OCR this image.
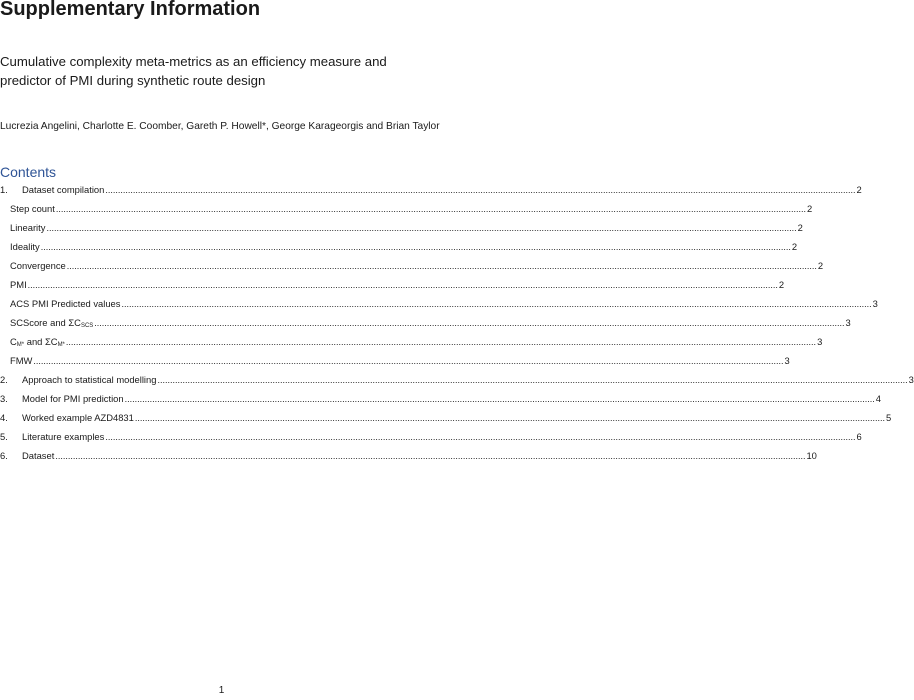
Supplementary Information
Cumulative complexity meta-metrics as an efficiency measure and predictor of PMI during synthetic route design
Lucrezia Angelini, Charlotte E. Coomber, Gareth P. Howell*, George Karageorgis and Brian Taylor
Contents
1.	Dataset compilation ............................................................................................................................................................................................................................................................................................................ 2
Step count ............................................................................................................................................................................................................................................................................................................ 2
Linearity ............................................................................................................................................................................................................................................................................................................ 2
Ideality ............................................................................................................................................................................................................................................................................................................ 2
Convergence ............................................................................................................................................................................................................................................................................................................ 2
PMI ............................................................................................................................................................................................................................................................................................................ 2
ACS PMI Predicted values ............................................................................................................................................................................................................................................................................................................ 3
SCScore and ΣCSCS ............................................................................................................................................................................................................................................................................................................ 3
CM* and ΣCM* ............................................................................................................................................................................................................................................................................................................ 3
FMW ............................................................................................................................................................................................................................................................................................................ 3
2.	Approach to statistical modelling ............................................................................................................................................................................................................................................................................................................ 3
3.	Model for PMI prediction ............................................................................................................................................................................................................................................................................................................ 4
4.	Worked example AZD4831 ............................................................................................................................................................................................................................................................................................................ 5
5.	Literature examples ............................................................................................................................................................................................................................................................................................................ 6
6.	Dataset ............................................................................................................................................................................................................................................................................................................ 10
1
